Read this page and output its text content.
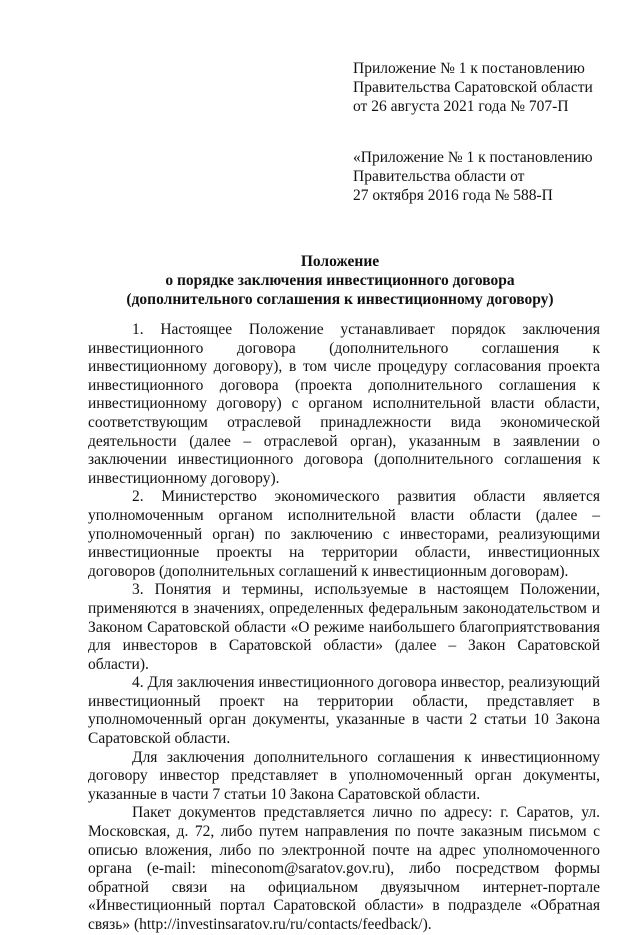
Приложение № 1 к постановлению
Правительства Саратовской области
от 26 августа 2021 года № 707-П
«Приложение № 1 к постановлению
Правительства области от
27 октября 2016 года № 588-П
Положение
о порядке заключения инвестиционного договора
(дополнительного соглашения к инвестиционному договору)

1. Настоящее Положение устанавливает порядок заключения инвестиционного договора (дополнительного соглашения к инвестиционному договору), в том числе процедуру согласования проекта инвестиционного договора (проекта дополнительного соглашения к инвестиционному договору) с органом исполнительной власти области, соответствующим отраслевой принадлежности вида экономической деятельности (далее – отраслевой орган), указанным в заявлении о заключении инвестиционного договора (дополнительного соглашения к инвестиционному договору).

2. Министерство экономического развития области является уполномоченным органом исполнительной власти области (далее – уполномоченный орган) по заключению с инвесторами, реализующими инвестиционные проекты на территории области, инвестиционных договоров (дополнительных соглашений к инвестиционным договорам).

3. Понятия и термины, используемые в настоящем Положении, применяются в значениях, определенных федеральным законодательством и Законом Саратовской области «О режиме наибольшего благоприятствования для инвесторов в Саратовской области» (далее – Закон Саратовской области).

4. Для заключения инвестиционного договора инвестор, реализующий инвестиционный проект на территории области, представляет в уполномоченный орган документы, указанные в части 2 статьи 10 Закона Саратовской области.

Для заключения дополнительного соглашения к инвестиционному договору инвестор представляет в уполномоченный орган документы, указанные в части 7 статьи 10 Закона Саратовской области.

Пакет документов представляется лично по адресу: г. Саратов, ул. Московская, д. 72, либо путем направления по почте заказным письмом с описью вложения, либо по электронной почте на адрес уполномоченного органа (e-mail: mineconom@saratov.gov.ru), либо посредством формы обратной связи на официальном двуязычном интернет-портале «Инвестиционный портал Саратовской области» в подразделе «Обратная связь» (http://investinsaratov.ru/ru/contacts/feedback/).
